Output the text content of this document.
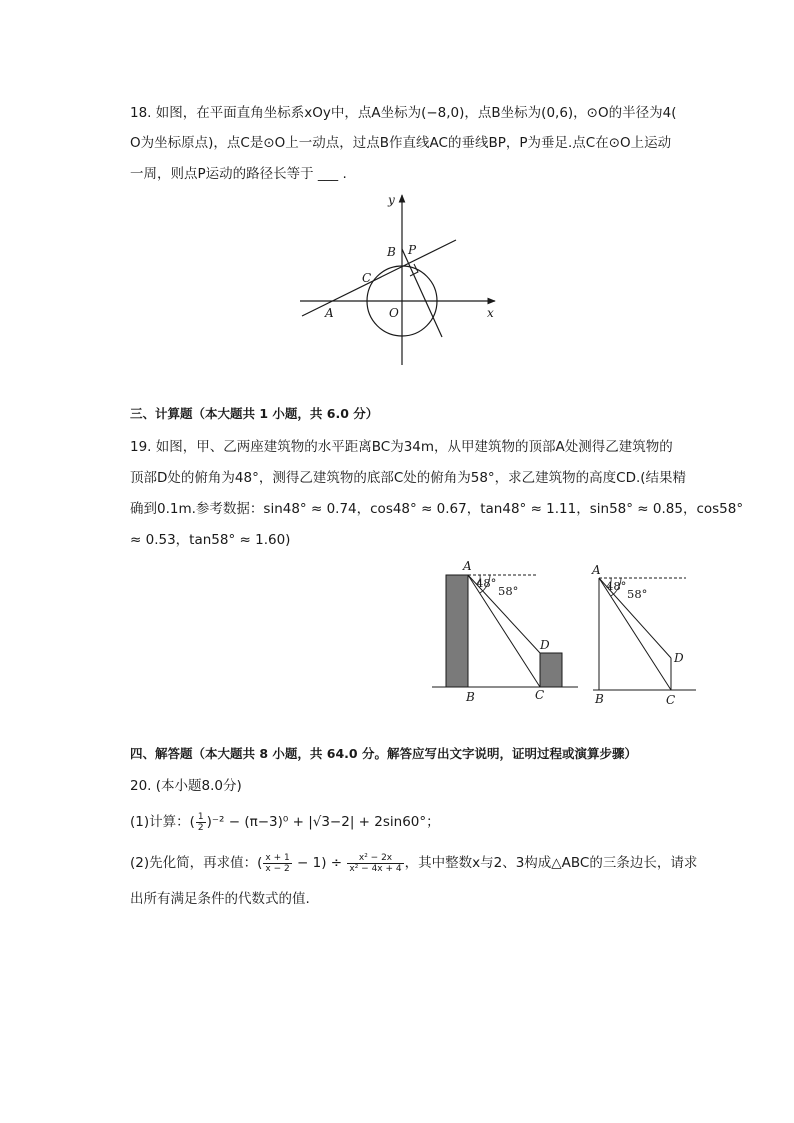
18. 如图，在平面直角坐标系xOy中，点A坐标为(−8,0)，点B坐标为(0,6)，⊙O的半径为4(
O为坐标原点)，点C是⊙O上一动点，过点B作直线AC的垂线BP，P为垂足.点C在⊙O上运动
一周，则点P运动的路径长等于 ___ .
y
x
A
B
C
O
P
三、计算题（本大题共 1 小题，共 6.0 分）
19. 如图，甲、乙两座建筑物的水平距离BC为34m，从甲建筑物的顶部A处测得乙建筑物的
顶部D处的俯角为48°，测得乙建筑物的底部C处的俯角为58°，求乙建筑物的高度CD.(结果精
确到0.1m.参考数据：sin48° ≈ 0.74，cos48° ≈ 0.67，tan48° ≈ 1.11，sin58° ≈ 0.85，cos58°
≈ 0.53，tan58° ≈ 1.60)
A
B	C
D
48°
58°
A
B	C
D
48°
58°
四、解答题（本大题共 8 小题，共 64.0 分。解答应写出文字说明，证明过程或演算步骤）
20. (本小题8.0分)
(1)计算：( $\frac{1}{2} )^{-2} - (\pi-3)^0 + |√3-2| + 2\sin 60^\circ$；
(2)先化简，再求值：( $\frac{x + 1}{x - 2} - 1) \div \frac{\text{x² − 2x}}{\text{x² − 4x + 4}}$ ，其中整数x与2、3构成△ABC的三条边长，请求
出所有满足条件的代数式的值.
